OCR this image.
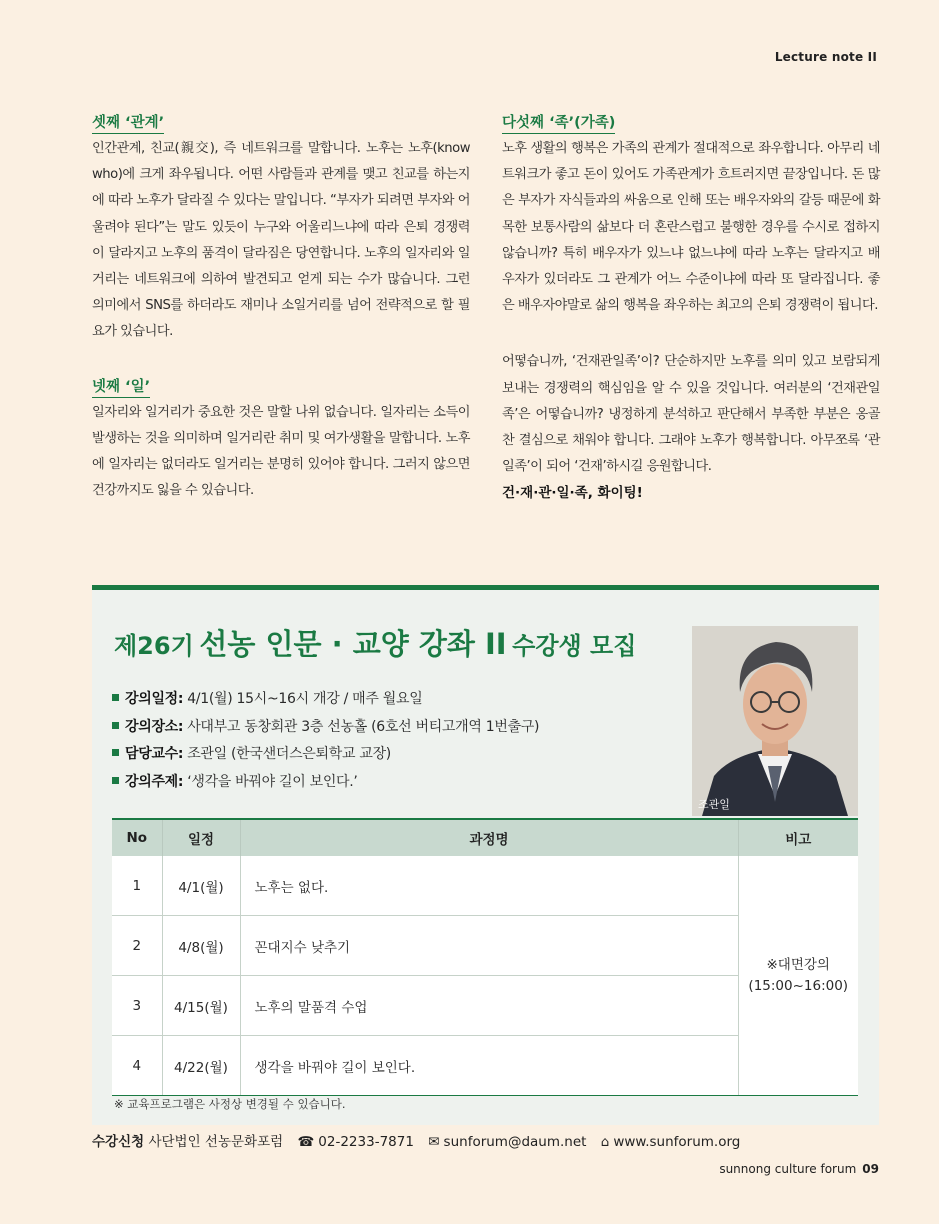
Lecture note II
셋째 ‘관계’

인간관계, 친교(親交), 즉 네트워크를 말합니다. 노후는 노후(know who)에 크게 좌우됩니다. 어떤 사람들과 관계를 맺고 친교를 하는지에 따라 노후가 달라질 수 있다는 말입니다. “부자가 되려면 부자와 어울려야 된다”는 말도 있듯이 누구와 어울리느냐에 따라 은퇴 경쟁력이 달라지고 노후의 품격이 달라짐은 당연합니다. 노후의 일자리와 일거리는 네트워크에 의하여 발견되고 얻게 되는 수가 많습니다. 그런 의미에서 SNS를 하더라도 재미나 소일거리를 넘어 전략적으로 할 필요가 있습니다.

넷째 ‘일’

일자리와 일거리가 중요한 것은 말할 나위 없습니다. 일자리는 소득이 발생하는 것을 의미하며 일거리란 취미 및 여가생활을 말합니다. 노후에 일자리는 없더라도 일거리는 분명히 있어야 합니다. 그러지 않으면 건강까지도 잃을 수 있습니다.

다섯째 ‘족’(가족)

노후 생활의 행복은 가족의 관계가 절대적으로 좌우합니다. 아무리 네트워크가 좋고 돈이 있어도 가족관계가 흐트러지면 끝장입니다. 돈 많은 부자가 자식들과의 싸움으로 인해 또는 배우자와의 갈등 때문에 화목한 보통사람의 삶보다 더 혼란스럽고 불행한 경우를 수시로 접하지 않습니까? 특히 배우자가 있느냐 없느냐에 따라 노후는 달라지고 배우자가 있더라도 그 관계가 어느 수준이냐에 따라 또 달라집니다. 좋은 배우자야말로 삶의 행복을 좌우하는 최고의 은퇴 경쟁력이 됩니다.

어떻습니까, ‘건재관일족’이? 단순하지만 노후를 의미 있고 보람되게 보내는 경쟁력의 핵심임을 알 수 있을 것입니다. 여러분의 ‘건재관일족’은 어떻습니까? 냉정하게 분석하고 판단해서 부족한 부분은 옹골찬 결심으로 채워야 합니다. 그래야 노후가 행복합니다. 아무쪼록 ‘관일족’이 되어 ‘건재’하시길 응원합니다.

건·재·관·일·족, 화이팅!

제26기 선농 인문 · 교양 강좌 II 수강생 모집
강의일정: 4/1(월) 15시~16시 개강 / 매주 월요일
강의장소: 사대부고 동창회관 3층 선농홀 (6호선 버티고개역 1번출구)
담당교수: 조관일 (한국샌더스은퇴학교 교장)
강의주제: ‘생각을 바꿔야 길이 보인다.’
조관일
No	일정	과정명	비고
1	4/1(월)	노후는 없다.	※대면강의
(15:00~16:00)

2	4/8(월)	꼰대지수 낮추기	
3	4/15(월)	노후의 말품격 수업	
4	4/22(월)	생각을 바꿔야 길이 보인다.	
※ 교육프로그램은 사정상 변경될 수 있습니다.
수강신청 사단법인 선농문화포럼 ☎ 02-2233-7871 ✉ sunforum@daum.net ⌂ www.sunforum.org
sunnong culture forum 09
